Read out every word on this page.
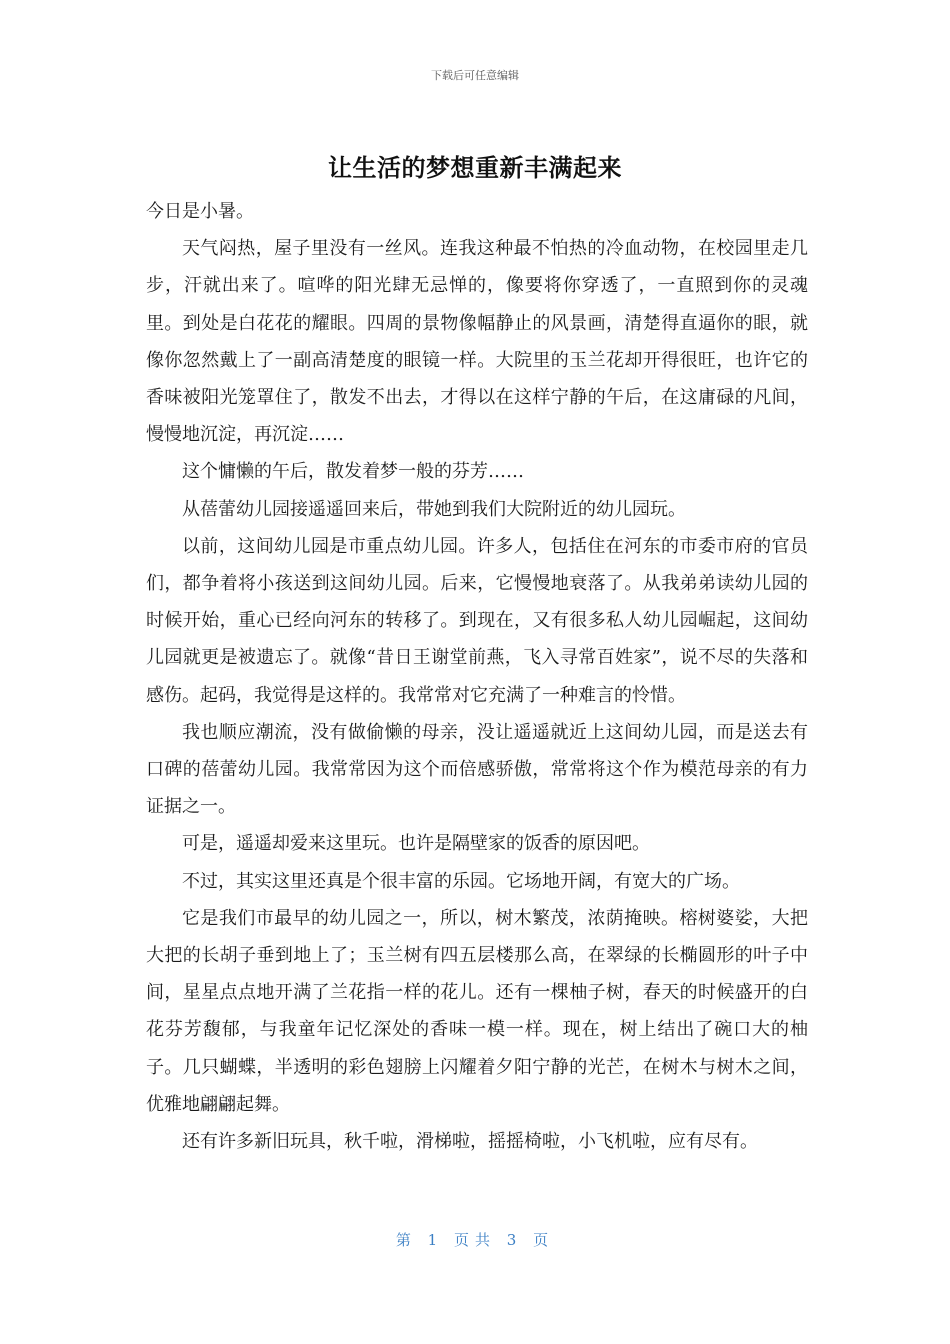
下载后可任意编辑
让生活的梦想重新丰满起来

今日是小暑。

天气闷热，屋子里没有一丝风。连我这种最不怕热的冷血动物，在校园里走几步，汗就出来了。喧哗的阳光肆无忌惮的，像要将你穿透了，一直照到你的灵魂里。到处是白花花的耀眼。四周的景物像幅静止的风景画，清楚得直逼你的眼，就像你忽然戴上了一副高清楚度的眼镜一样。大院里的玉兰花却开得很旺，也许它的香味被阳光笼罩住了，散发不出去，才得以在这样宁静的午后，在这庸碌的凡间，慢慢地沉淀，再沉淀……

这个慵懒的午后，散发着梦一般的芬芳……

从蓓蕾幼儿园接遥遥回来后，带她到我们大院附近的幼儿园玩。

以前，这间幼儿园是市重点幼儿园。许多人，包括住在河东的市委市府的官员们，都争着将小孩送到这间幼儿园。后来，它慢慢地衰落了。从我弟弟读幼儿园的时候开始，重心已经向河东的转移了。到现在，又有很多私人幼儿园崛起，这间幼儿园就更是被遗忘了。就像“昔日王谢堂前燕，飞入寻常百姓家”，说不尽的失落和感伤。起码，我觉得是这样的。我常常对它充满了一种难言的怜惜。

我也顺应潮流，没有做偷懒的母亲，没让遥遥就近上这间幼儿园，而是送去有口碑的蓓蕾幼儿园。我常常因为这个而倍感骄傲，常常将这个作为模范母亲的有力证据之一。

可是，遥遥却爱来这里玩。也许是隔壁家的饭香的原因吧。

不过，其实这里还真是个很丰富的乐园。它场地开阔，有宽大的广场。

它是我们市最早的幼儿园之一，所以，树木繁茂，浓荫掩映。榕树婆娑，大把大把的长胡子垂到地上了；玉兰树有四五层楼那么高，在翠绿的长椭圆形的叶子中间，星星点点地开满了兰花指一样的花儿。还有一棵柚子树，春天的时候盛开的白花芬芳馥郁，与我童年记忆深处的香味一模一样。现在，树上结出了碗口大的柚子。几只蝴蝶，半透明的彩色翅膀上闪耀着夕阳宁静的光芒，在树木与树木之间，优雅地翩翩起舞。

还有许多新旧玩具，秋千啦，滑梯啦，摇摇椅啦，小飞机啦，应有尽有。

第 1 页共 3 页
